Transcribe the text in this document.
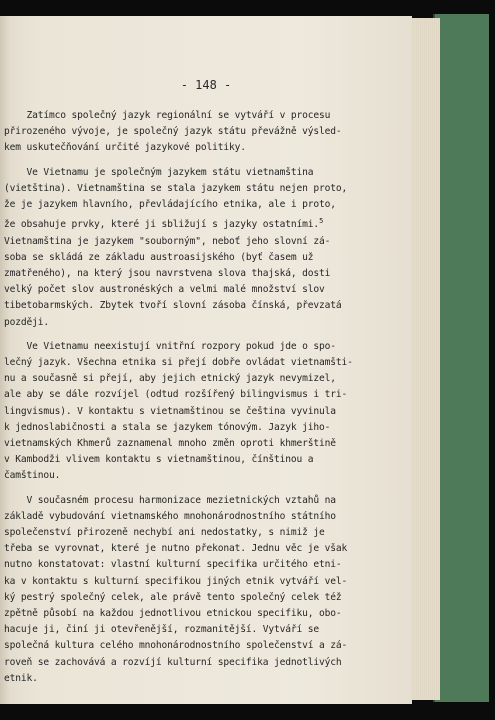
- 148 -
Zatímco společný jazyk regionální se vytváří v procesu
přirozeného vývoje, je společný jazyk státu převážně výsled-
kem uskutečňování určité jazykové politiky.
Ve Vietnamu je společným jazykem státu vietnamština
(vietština). Vietnamština se stala jazykem státu nejen proto,
že je jazykem hlavního, převládajícího etnika, ale i proto,
že obsahuje prvky, které ji sbližují s jazyky ostatními.$^5$
Vietnamština je jazykem "souborným", neboť jeho slovní zá-
soba se skládá ze základu austroasijského (byť časem už
zmatřeného), na který jsou navrstvena slova thajská, dosti
velký počet slov austronéských a velmi malé množství slov
tibetobarmských. Zbytek tvoří slovní zásoba čínská, převzatá
později.
Ve Vietnamu neexistují vnitřní rozpory pokud jde o spo-
lečný jazyk. Všechna etnika si přejí dobře ovládat vietnamšti-
nu a současně si přejí, aby jejich etnický jazyk nevymizel,
ale aby se dále rozvíjel (odtud rozšířený bilingvismus i tri-
lingvismus). V kontaktu s vietnamštinou se čeština vyvinula
k jednoslabičnosti a stala se jazykem tónovým. Jazyk jiho-
vietnamských Khmerů zaznamenal mnoho změn oproti khmerštině
v Kambodži vlivem kontaktu s vietnamštinou, čínštinou a
čamštinou.
V současném procesu harmonizace mezietnických vztahů na
základě vybudování vietnamského mnohonárodnostního státního
společenství přirozeně nechybí ani nedostatky, s nimiž je
třeba se vyrovnat, které je nutno překonat. Jednu věc je však
nutno konstatovat: vlastní kulturní specifika určitého etni-
ka v kontaktu s kulturní specifikou jiných etnik vytváří vel-
ký pestrý společný celek, ale právě tento společný celek též
zpětně působí na každou jednotlivou etnickou specifiku, obo-
hacuje ji, činí ji otevřenější, rozmanitější. Vytváří se
společná kultura celého mnohonárodnostního společenství a zá-
roveň se zachovává a rozvíjí kulturní specifika jednotlivých
etnik.
